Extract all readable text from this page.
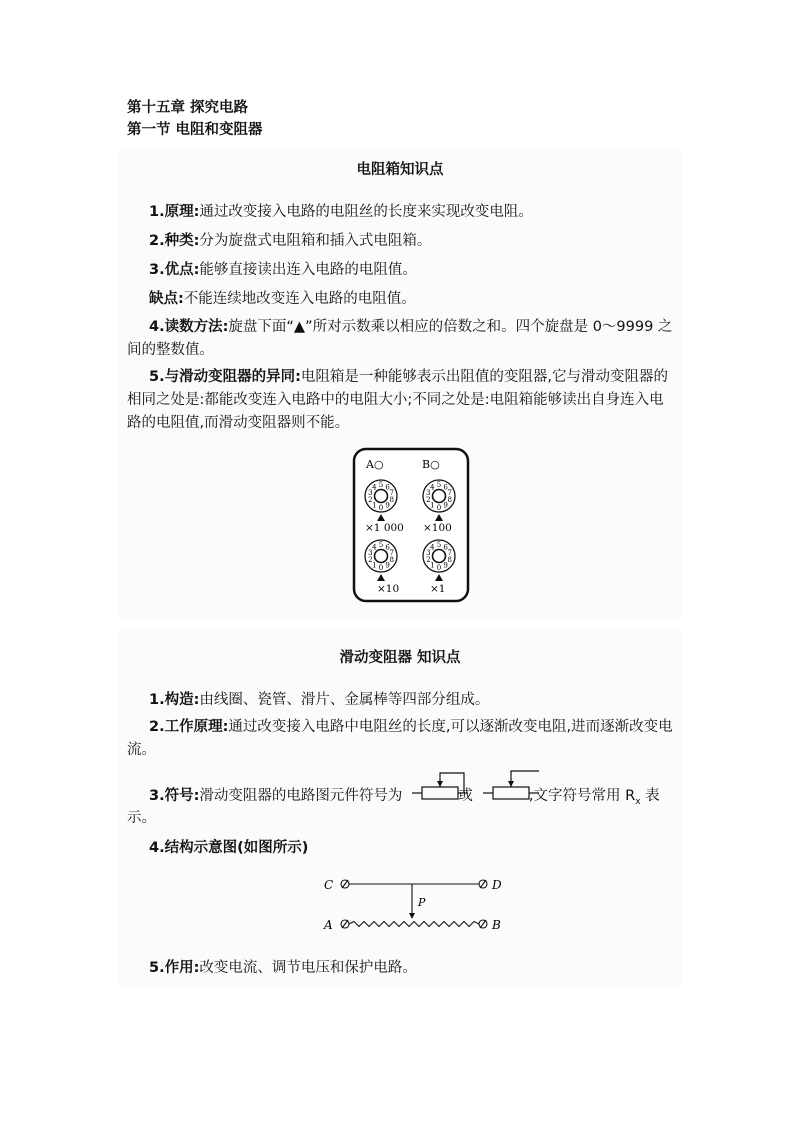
第十五章 探究电路
第一节 电阻和变阻器
电阻箱知识点
1.原理:通过改变接入电路的电阻丝的长度来实现改变电阻。
2.种类:分为旋盘式电阻箱和插入式电阻箱。
3.优点:能够直接读出连入电路的电阻值。
缺点:不能连续地改变连入电路的电阻值。
4.读数方法:旋盘下面“▲”所对示数乘以相应的倍数之和。四个旋盘是 0～9999 之间的整数值。
5.与滑动变阻器的异同:电阻箱是一种能够表示出阻值的变阻器,它与滑动变阻器的相同之处是:都能改变连入电路中的电阻大小;不同之处是:电阻箱能够读出自身连入电路的电阻值,而滑动变阻器则不能。
A○	B○
0
1
2
3
4 5 6
7
8
9	0
1
2
3
4 5 6
7
8
9
0
1
2
3
4 5 6
7
8
9	0
1
2
3
4 5 6
7
8
9
×1 000 ×100
×10	×1
滑动变阻器 知识点
1.构造:由线圈、瓷管、滑片、金属棒等四部分组成。
2.工作原理:通过改变接入电路中电阻丝的长度,可以逐渐改变电阻,进而逐渐改变电流。
3.符号:滑动变阻器的电路图元件符号为	或	,文字符号常用 $R_x$ 表
示。
4.结构示意图(如图所示)
C	D
P
A	B
5.作用:改变电流、调节电压和保护电路。
